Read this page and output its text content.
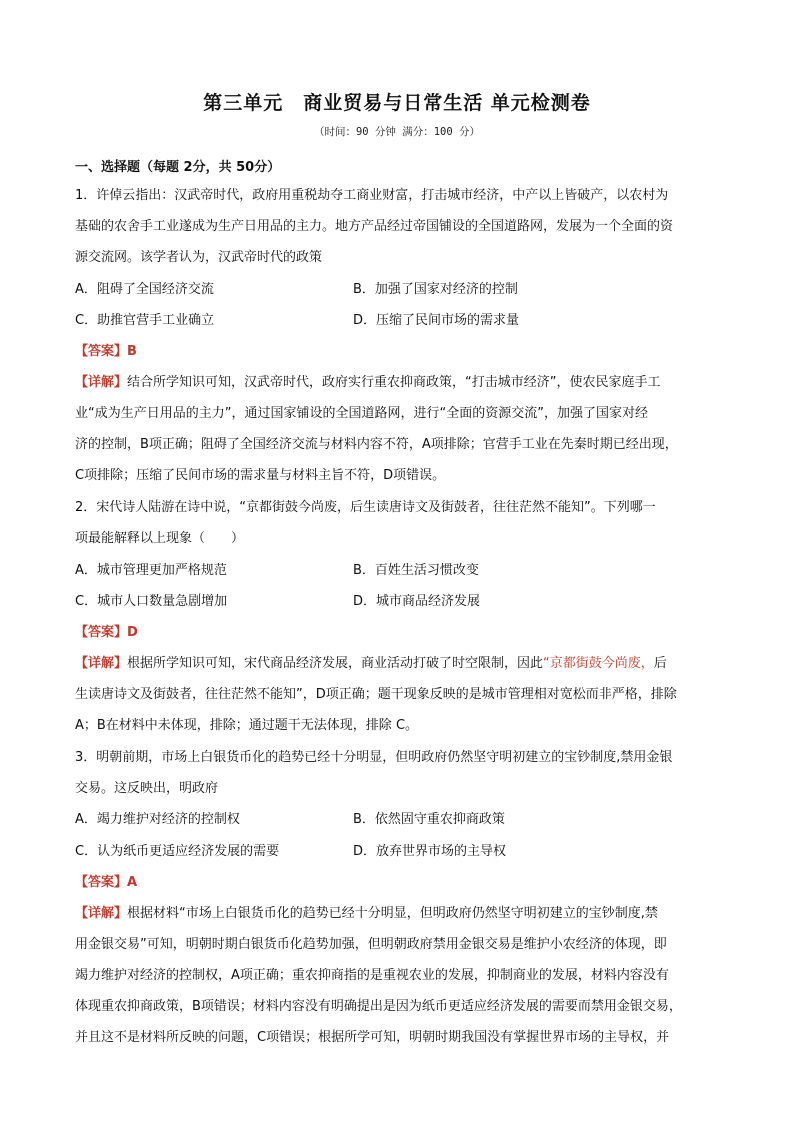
第三单元　商业贸易与日常生活 单元检测卷
（时间：90 分钟 满分：100 分）
一、选择题（每题 2分，共 50分）
1．许倬云指出：汉武帝时代，政府用重税劫夺工商业财富，打击城市经济，中产以上皆破产，以农村为
基础的农舍手工业遂成为生产日用品的主力。地方产品经过帝国铺设的全国道路网，发展为一个全面的资
源交流网。该学者认为，汉武帝时代的政策
A．阻碍了全国经济交流	B．加强了国家对经济的控制
C．助推官营手工业确立	D．压缩了民间市场的需求量
【答案】B
【详解】结合所学知识可知，汉武帝时代，政府实行重农抑商政策，“打击城市经济”，使农民家庭手工
业“成为生产日用品的主力”，通过国家铺设的全国道路网，进行“全面的资源交流”，加强了国家对经
济的控制，B项正确；阻碍了全国经济交流与材料内容不符，A项排除；官营手工业在先秦时期已经出现，
C项排除；压缩了民间市场的需求量与材料主旨不符，D项错误。
2．宋代诗人陆游在诗中说，“京都街鼓今尚废，后生读唐诗文及街鼓者，往往茫然不能知”。下列哪一
项最能解释以上现象（　　）
A．城市管理更加严格规范	B．百姓生活习惯改变
C．城市人口数量急剧增加	D．城市商品经济发展
【答案】D
【详解】根据所学知识可知，宋代商品经济发展，商业活动打破了时空限制，因此“京都街鼓今尚废，后
生读唐诗文及街鼓者，往往茫然不能知”，D项正确；题干现象反映的是城市管理相对宽松而非严格，排除
A；B在材料中未体现，排除；通过题干无法体现，排除 C。
3．明朝前期，市场上白银货币化的趋势已经十分明显，但明政府仍然坚守明初建立的宝钞制度,禁用金银
交易。这反映出，明政府
A．竭力维护对经济的控制权	B．依然固守重农抑商政策
C．认为纸币更适应经济发展的需要	D．放弃世界市场的主导权
【答案】A
【详解】根据材料“市场上白银货币化的趋势已经十分明显，但明政府仍然坚守明初建立的宝钞制度,禁
用金银交易”可知，明朝时期白银货币化趋势加强，但明朝政府禁用金银交易是维护小农经济的体现，即
竭力维护对经济的控制权，A项正确；重农抑商指的是重视农业的发展，抑制商业的发展，材料内容没有
体现重农抑商政策，B项错误；材料内容没有明确提出是因为纸币更适应经济发展的需要而禁用金银交易，
并且这不是材料所反映的问题，C项错误；根据所学可知，明朝时期我国没有掌握世界市场的主导权，并
